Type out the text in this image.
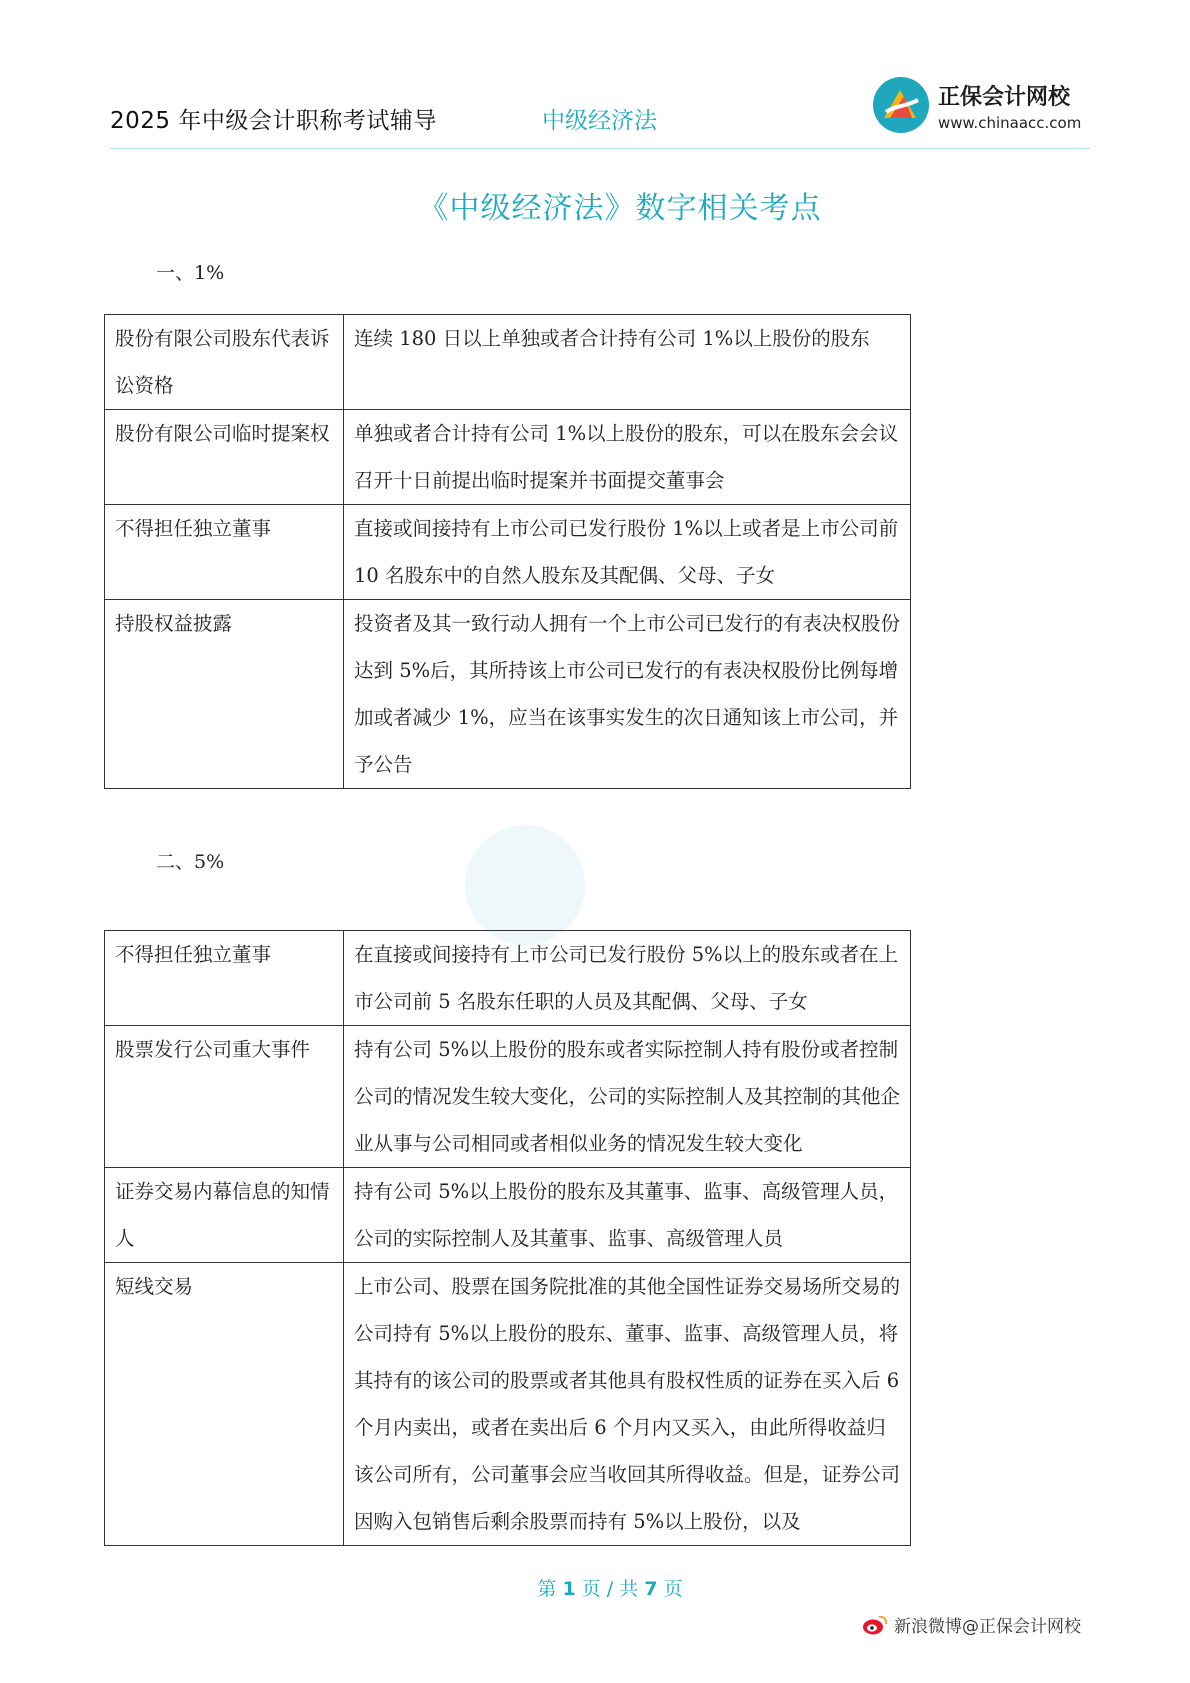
2025 年中级会计职称考试辅导	中级经济法
正保会计网校
www.chinaacc.com
《中级经济法》数字相关考点
一、1%
股份有限公司股东代表诉讼资格	连续 180 日以上单独或者合计持有公司 1%以上股份的股东
股份有限公司临时提案权	单独或者合计持有公司 1%以上股份的股东，可以在股东会会议召开十日前提出临时提案并书面提交董事会
不得担任独立董事	直接或间接持有上市公司已发行股份 1%以上或者是上市公司前 10 名股东中的自然人股东及其配偶、父母、子女
持股权益披露	投资者及其一致行动人拥有一个上市公司已发行的有表决权股份达到 5%后，其所持该上市公司已发行的有表决权股份比例每增加或者减少 1%，应当在该事实发生的次日通知该上市公司，并予公告
二、5%
不得担任独立董事	在直接或间接持有上市公司已发行股份 5%以上的股东或者在上市公司前 5 名股东任职的人员及其配偶、父母、子女
股票发行公司重大事件	持有公司 5%以上股份的股东或者实际控制人持有股份或者控制公司的情况发生较大变化，公司的实际控制人及其控制的其他企业从事与公司相同或者相似业务的情况发生较大变化
证券交易内幕信息的知情人	持有公司 5%以上股份的股东及其董事、监事、高级管理人员，公司的实际控制人及其董事、监事、高级管理人员
短线交易	上市公司、股票在国务院批准的其他全国性证券交易场所交易的公司持有 5%以上股份的股东、董事、监事、高级管理人员，将其持有的该公司的股票或者其他具有股权性质的证券在买入后 6 个月内卖出，或者在卖出后 6 个月内又买入，由此所得收益归该公司所有，公司董事会应当收回其所得收益。但是，证券公司因购入包销售后剩余股票而持有 5%以上股份，以及
第 1 页 / 共 7 页
新浪微博@正保会计网校
